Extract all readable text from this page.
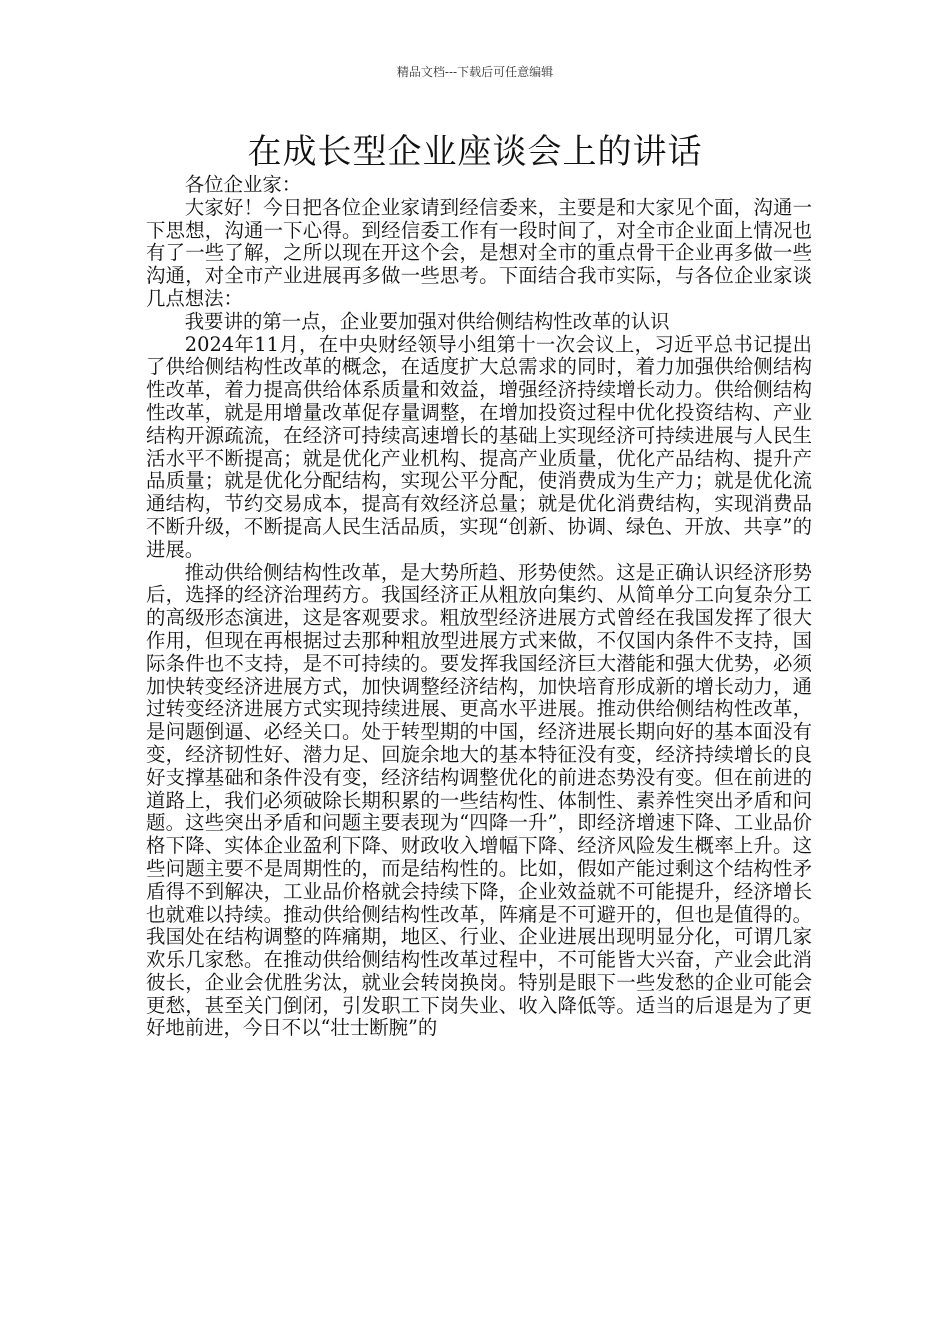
精品文档---下载后可任意编辑
在成长型企业座谈会上的讲话

各位企业家：

大家好！今日把各位企业家请到经信委来，主要是和大家见个面，沟通一下思想，沟通一下心得。到经信委工作有一段时间了，对全市企业面上情况也有了一些了解，之所以现在开这个会，是想对全市的重点骨干企业再多做一些沟通，对全市产业进展再多做一些思考。下面结合我市实际，与各位企业家谈几点想法：

我要讲的第一点，企业要加强对供给侧结构性改革的认识

2024年11月，在中央财经领导小组第十一次会议上，习近平总书记提出了供给侧结构性改革的概念，在适度扩大总需求的同时，着力加强供给侧结构性改革，着力提高供给体系质量和效益，增强经济持续增长动力。供给侧结构性改革，就是用增量改革促存量调整，在增加投资过程中优化投资结构、产业结构开源疏流，在经济可持续高速增长的基础上实现经济可持续进展与人民生活水平不断提高；就是优化产业机构、提高产业质量，优化产品结构、提升产品质量；就是优化分配结构，实现公平分配，使消费成为生产力；就是优化流通结构，节约交易成本，提高有效经济总量；就是优化消费结构，实现消费品不断升级，不断提高人民生活品质，实现“创新、协调、绿色、开放、共享”的进展。

推动供给侧结构性改革，是大势所趋、形势使然。这是正确认识经济形势后，选择的经济治理药方。我国经济正从粗放向集约、从简单分工向复杂分工的高级形态演进，这是客观要求。粗放型经济进展方式曾经在我国发挥了很大作用，但现在再根据过去那种粗放型进展方式来做，不仅国内条件不支持，国际条件也不支持，是不可持续的。要发挥我国经济巨大潜能和强大优势，必须加快转变经济进展方式，加快调整经济结构，加快培育形成新的增长动力，通过转变经济进展方式实现持续进展、更高水平进展。推动供给侧结构性改革，是问题倒逼、必经关口。处于转型期的中国，经济进展长期向好的基本面没有变，经济韧性好、潜力足、回旋余地大的基本特征没有变，经济持续增长的良好支撑基础和条件没有变，经济结构调整优化的前进态势没有变。但在前进的道路上，我们必须破除长期积累的一些结构性、体制性、素养性突出矛盾和问题。这些突出矛盾和问题主要表现为“四降一升”，即经济增速下降、工业品价格下降、实体企业盈利下降、财政收入增幅下降、经济风险发生概率上升。这些问题主要不是周期性的，而是结构性的。比如，假如产能过剩这个结构性矛盾得不到解决，工业品价格就会持续下降，企业效益就不可能提升，经济增长也就难以持续。推动供给侧结构性改革，阵痛是不可避开的，但也是值得的。我国处在结构调整的阵痛期，地区、行业、企业进展出现明显分化，可谓几家欢乐几家愁。在推动供给侧结构性改革过程中，不可能皆大兴奋，产业会此消彼长，企业会优胜劣汰，就业会转岗换岗。特别是眼下一些发愁的企业可能会更愁，甚至关门倒闭，引发职工下岗失业、收入降低等。适当的后退是为了更好地前进，今日不以“壮士断腕”的
